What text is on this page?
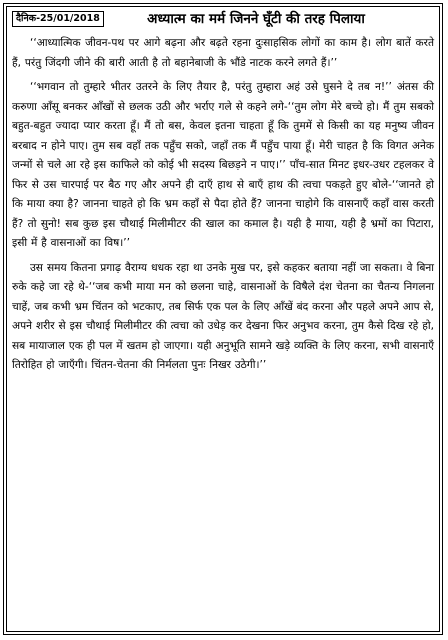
दैनिक-25/01/2018	अध्यात्म का मर्म जिनने घूँटी की तरह पिलाया

‘‘आध्यात्मिक जीवन-पथ पर आगे बढ़ना और बढ़ते रहना दुःसाहसिक लोगों का काम है। लोग बातें करते हैं, परंतु जिंदगी जीने की बारी आती है तो बहानेबाजी के भौंडे नाटक करने लगते हैं।’’

‘‘भगवान तो तुम्हारे भीतर उतरने के लिए तैयार है, परंतु तुम्हारा अहं उसे घुसने दे तब न!’’ अंतस की करुणा आँसू बनकर आँखों से छलक उठी और भर्राए गले से कहने लगे-‘‘तुम लोग मेरे बच्चे हो। मैं तुम सबको बहुत-बहुत ज्यादा प्यार करता हूँ। मैं तो बस, केवल इतना चाहता हूँ कि तुममें से किसी का यह मनुष्य जीवन बरबाद न होने पाए। तुम सब वहाँ तक पहुँच सको, जहाँ तक मैं पहुँच पाया हूँ। मेरी चाहत है कि विगत अनेक जन्मों से चले आ रहे इस काफिले को कोई भी सदस्य बिछड़ने न पाए।’’ पाँच-सात मिनट इधर-उधर टहलकर वे फिर से उस चारपाई पर बैठ गए और अपने ही दाएँ हाथ से बाएँ हाथ की त्वचा पकड़ते हुए बोले-‘‘जानते हो कि माया क्या है? जानना चाहते हो कि भ्रम कहाँ से पैदा होते हैं? जानना चाहोगे कि वासनाएँ कहाँ वास करती हैं? तो सुनो! सब कुछ इस चौथाई मिलीमीटर की खाल का कमाल है। यही है माया, यही है भ्रमों का पिटारा, इसी में है वासनाओं का विष।’’

उस समय कितना प्रगाढ़ वैराग्य धधक रहा था उनके मुख पर, इसे कहकर बताया नहीं जा सकता। वे बिना रुके कहे जा रहे थे-‘‘जब कभी माया मन को छलना चाहे, वासनाओं के विषैले दंश चेतना का चैतन्य निगलना चाहें, जब कभी भ्रम चिंतन को भटकाए, तब सिर्फ एक पल के लिए आँखें बंद करना और पहले अपने आप से, अपने शरीर से इस चौथाई मिलीमीटर की त्वचा को उधेड़ कर देखना फिर अनुभव करना, तुम कैसे दिख रहे हो, सब मायाजाल एक ही पल में खतम हो जाएगा। यही अनुभूति सामने खड़े व्यक्ति के लिए करना, सभी वासनाएँ तिरोहित हो जाएँगी। चिंतन-चेतना की निर्मलता पुनः निखर उठेगी।’’
